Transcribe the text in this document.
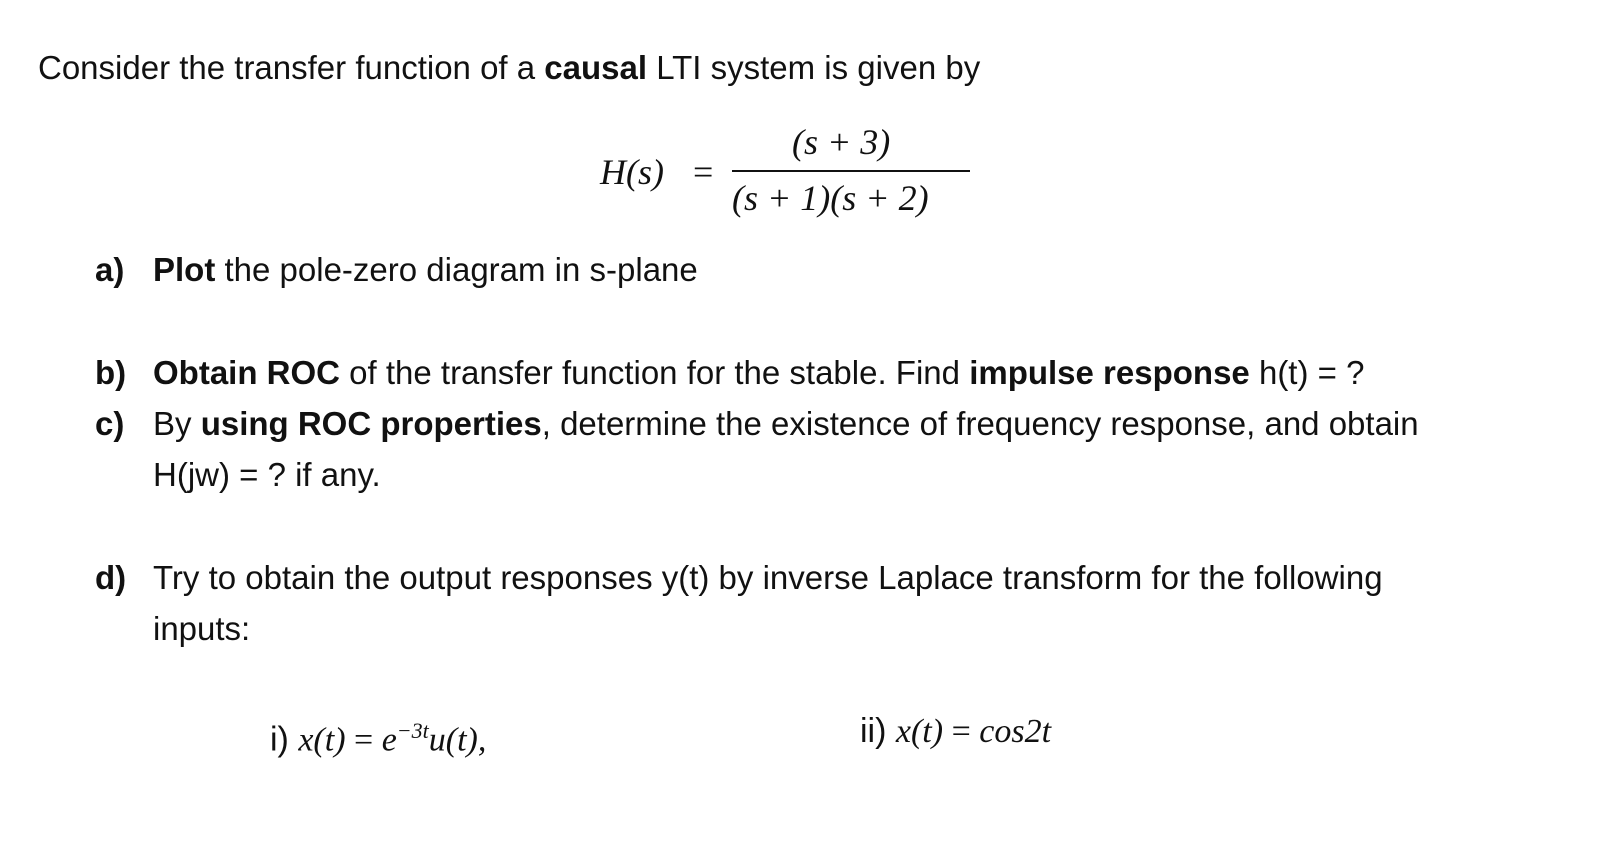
Consider the transfer function of a causal LTI system is given by
H(s) =
(s + 3)
(s + 1)(s + 2)
a) Plot the pole-zero diagram in s-plane
b) Obtain ROC of the transfer function for the stable. Find impulse response h(t) = ?
c) By using ROC properties, determine the existence of frequency response, and obtain
H(jw) = ? if any.
d) Try to obtain the output responses y(t) by inverse Laplace transform for the following
inputs:
i) $x(t) = e^{-3t}u(t)$,	ii) x(t) = cos2t
